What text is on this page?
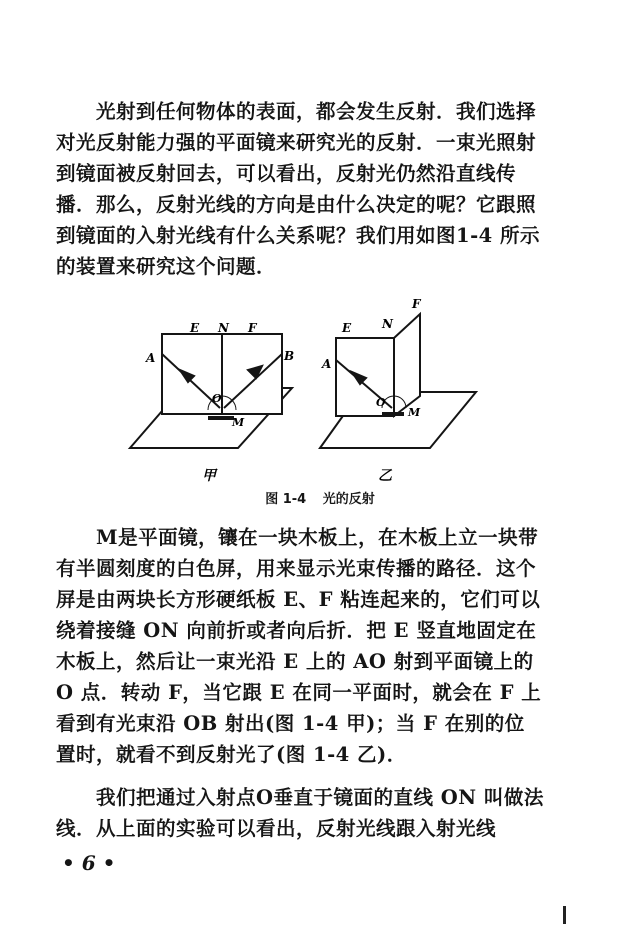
光射到任何物体的表面，都会发生反射．我们选择对光反射能力强的平面镜来研究光的反射．一束光照射到镜面被反射回去，可以看出，反射光仍然沿直线传播．那么，反射光线的方向是由什么决定的呢？它跟照到镜面的入射光线有什么关系呢？我们用如图1-4 所示的装置来研究这个问题．

E N F
A	B
O
M
甲
E	N
F
A
O
M
乙
图 1-4 光的反射

M是平面镜，镶在一块木板上，在木板上立一块带有半圆刻度的白色屏，用来显示光束传播的路径．这个屏是由两块长方形硬纸板 E、F 粘连起来的，它们可以绕着接缝 ON 向前折或者向后折．把 E 竖直地固定在木板上，然后让一束光沿 E 上的 AO 射到平面镜上的 O 点．转动 F，当它跟 E 在同一平面时，就会在 F 上看到有光束沿 OB 射出(图 1-4 甲)；当 F 在别的位置时，就看不到反射光了(图 1-4 乙)．

我们把通过入射点O垂直于镜面的直线 ON 叫做法线．从上面的实验可以看出，反射光线跟入射光线

• 6 •
